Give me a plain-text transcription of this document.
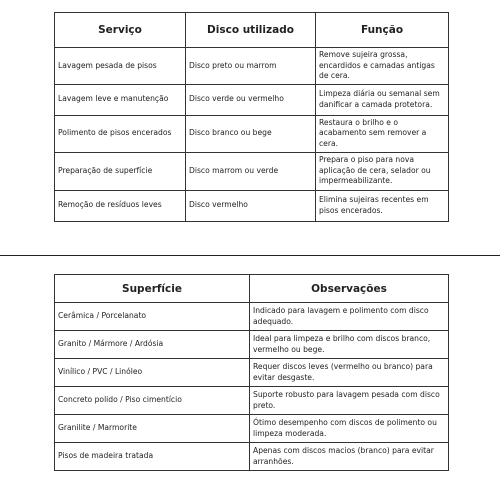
Serviço	Disco utilizado	Função
Lavagem pesada de pisos	Disco preto ou marrom	Remove sujeira grossa, encardidos e camadas antigas de cera.
Lavagem leve e manutenção	Disco verde ou vermelho	Limpeza diária ou semanal sem danificar a camada protetora.
Polimento de pisos encerados	Disco branco ou bege	Restaura o brilho e o acabamento sem remover a cera.
Preparação de superfície	Disco marrom ou verde	Prepara o piso para nova aplicação de cera, selador ou impermeabilizante.
Remoção de resíduos leves	Disco vermelho	Elimina sujeiras recentes em pisos encerados.
Superfície	Observações
Cerâmica / Porcelanato	Indicado para lavagem e polimento com disco adequado.
Granito / Mármore / Ardósia	Ideal para limpeza e brilho com discos branco, vermelho ou bege.
Vinílico / PVC / Linóleo	Requer discos leves (vermelho ou branco) para evitar desgaste.
Concreto polido / Piso cimentício	Suporte robusto para lavagem pesada com disco preto.
Granilite / Marmorite	Ótimo desempenho com discos de polimento ou limpeza moderada.
Pisos de madeira tratada	Apenas com discos macios (branco) para evitar arranhões.
